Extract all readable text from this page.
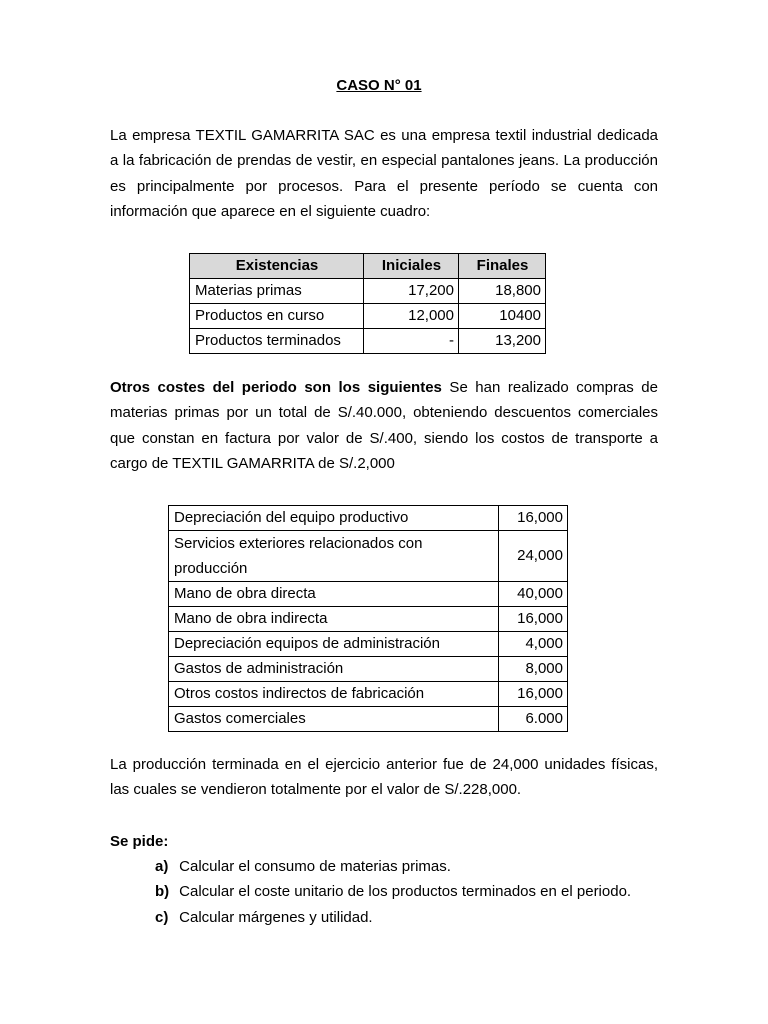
CASO N° 01

La empresa TEXTIL GAMARRITA SAC es una empresa textil industrial dedicada a la fabricación de prendas de vestir, en especial pantalones jeans. La producción es principalmente por procesos. Para el presente período se cuenta con información que aparece en el siguiente cuadro:

Existencias	Iniciales	Finales
Materias primas	17,200	18,800
Productos en curso	12,000	10400
Productos terminados	-	13,200

Otros costes del periodo son los siguientes Se han realizado compras de materias primas por un total de S/.40.000, obteniendo descuentos comerciales que constan en factura por valor de S/.400, siendo los costos de transporte a cargo de TEXTIL GAMARRITA de S/.2,000

Depreciación del equipo productivo	16,000
Servicios exteriores relacionados con producción	24,000
Mano de obra directa	40,000
Mano de obra indirecta	16,000
Depreciación equipos de administración	4,000
Gastos de administración	8,000
Otros costos indirectos de fabricación	16,000
Gastos comerciales	6.000

La producción terminada en el ejercicio anterior fue de 24,000 unidades físicas, las cuales se vendieron totalmente por el valor de S/.228,000.

Se pide:
a) Calcular el consumo de materias primas.
b) Calcular el coste unitario de los productos terminados en el periodo.
c) Calcular márgenes y utilidad.
